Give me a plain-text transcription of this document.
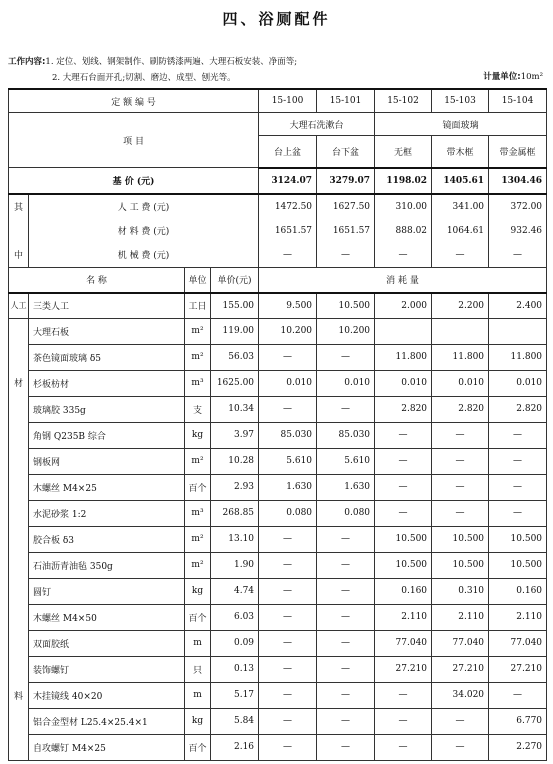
四、浴厕配件
工作内容:1. 定位、划线、钢架制作、刷防锈漆两遍、大理石板安装、净面等;
2. 大理石台面开孔;切割、磨边、成型、刨光等。	计量单位:10m²
定 额 编 号				15-100	15-101	15-102	15-103	15-104
项 目				大理石洗漱台		镜面玻璃		
				台上盆	台下盆	无框	带木框	带金属框
基 价 (元)				3124.07	3279.07	1198.02	1405.61	1304.46
其	人 工 费 (元)			1472.50	1627.50	310.00	341.00	372.00
	材 料 费 (元)			1651.57	1651.57	888.02	1064.61	932.46
中	机 械 费 (元)			—	—	—	—	—
名 称		单位	单价(元)	消 耗 量				
人工	三类人工	工日	155.00	9.500	10.500	2.000	2.200	2.400

材
料	大理石板	m²	119.00	10.200	10.200			
	茶色镜面玻璃 δ5	m²	56.03	—	—	11.800	11.800	11.800
	杉板枋材	m³	1625.00	0.010	0.010	0.010	0.010	0.010
	玻璃胶 335g	支	10.34	—	—	2.820	2.820	2.820
	角钢 Q235B 综合	kg	3.97	85.030	85.030	—	—	—
	钢板网	m²	10.28	5.610	5.610	—	—	—
	木螺丝 M4×25	百个	2.93	1.630	1.630	—	—	—
	水泥砂浆 1:2	m³	268.85	0.080	0.080	—	—	—
	胶合板 δ3	m²	13.10	—	—	10.500	10.500	10.500
	石油沥青油毡 350g	m²	1.90	—	—	10.500	10.500	10.500
	圆钉	kg	4.74	—	—	0.160	0.310	0.160
	木螺丝 M4×50	百个	6.03	—	—	2.110	2.110	2.110
	双面胶纸	m	0.09	—	—	77.040	77.040	77.040
	装饰螺钉	只	0.13	—	—	27.210	27.210	27.210
	木挂镜线 40×20	m	5.17	—	—	—	34.020	—
	铝合金型材 L25.4×25.4×1	kg	5.84	—	—	—	—	6.770
	自攻螺钉 M4×25	百个	2.16	—	—	—	—	2.270
